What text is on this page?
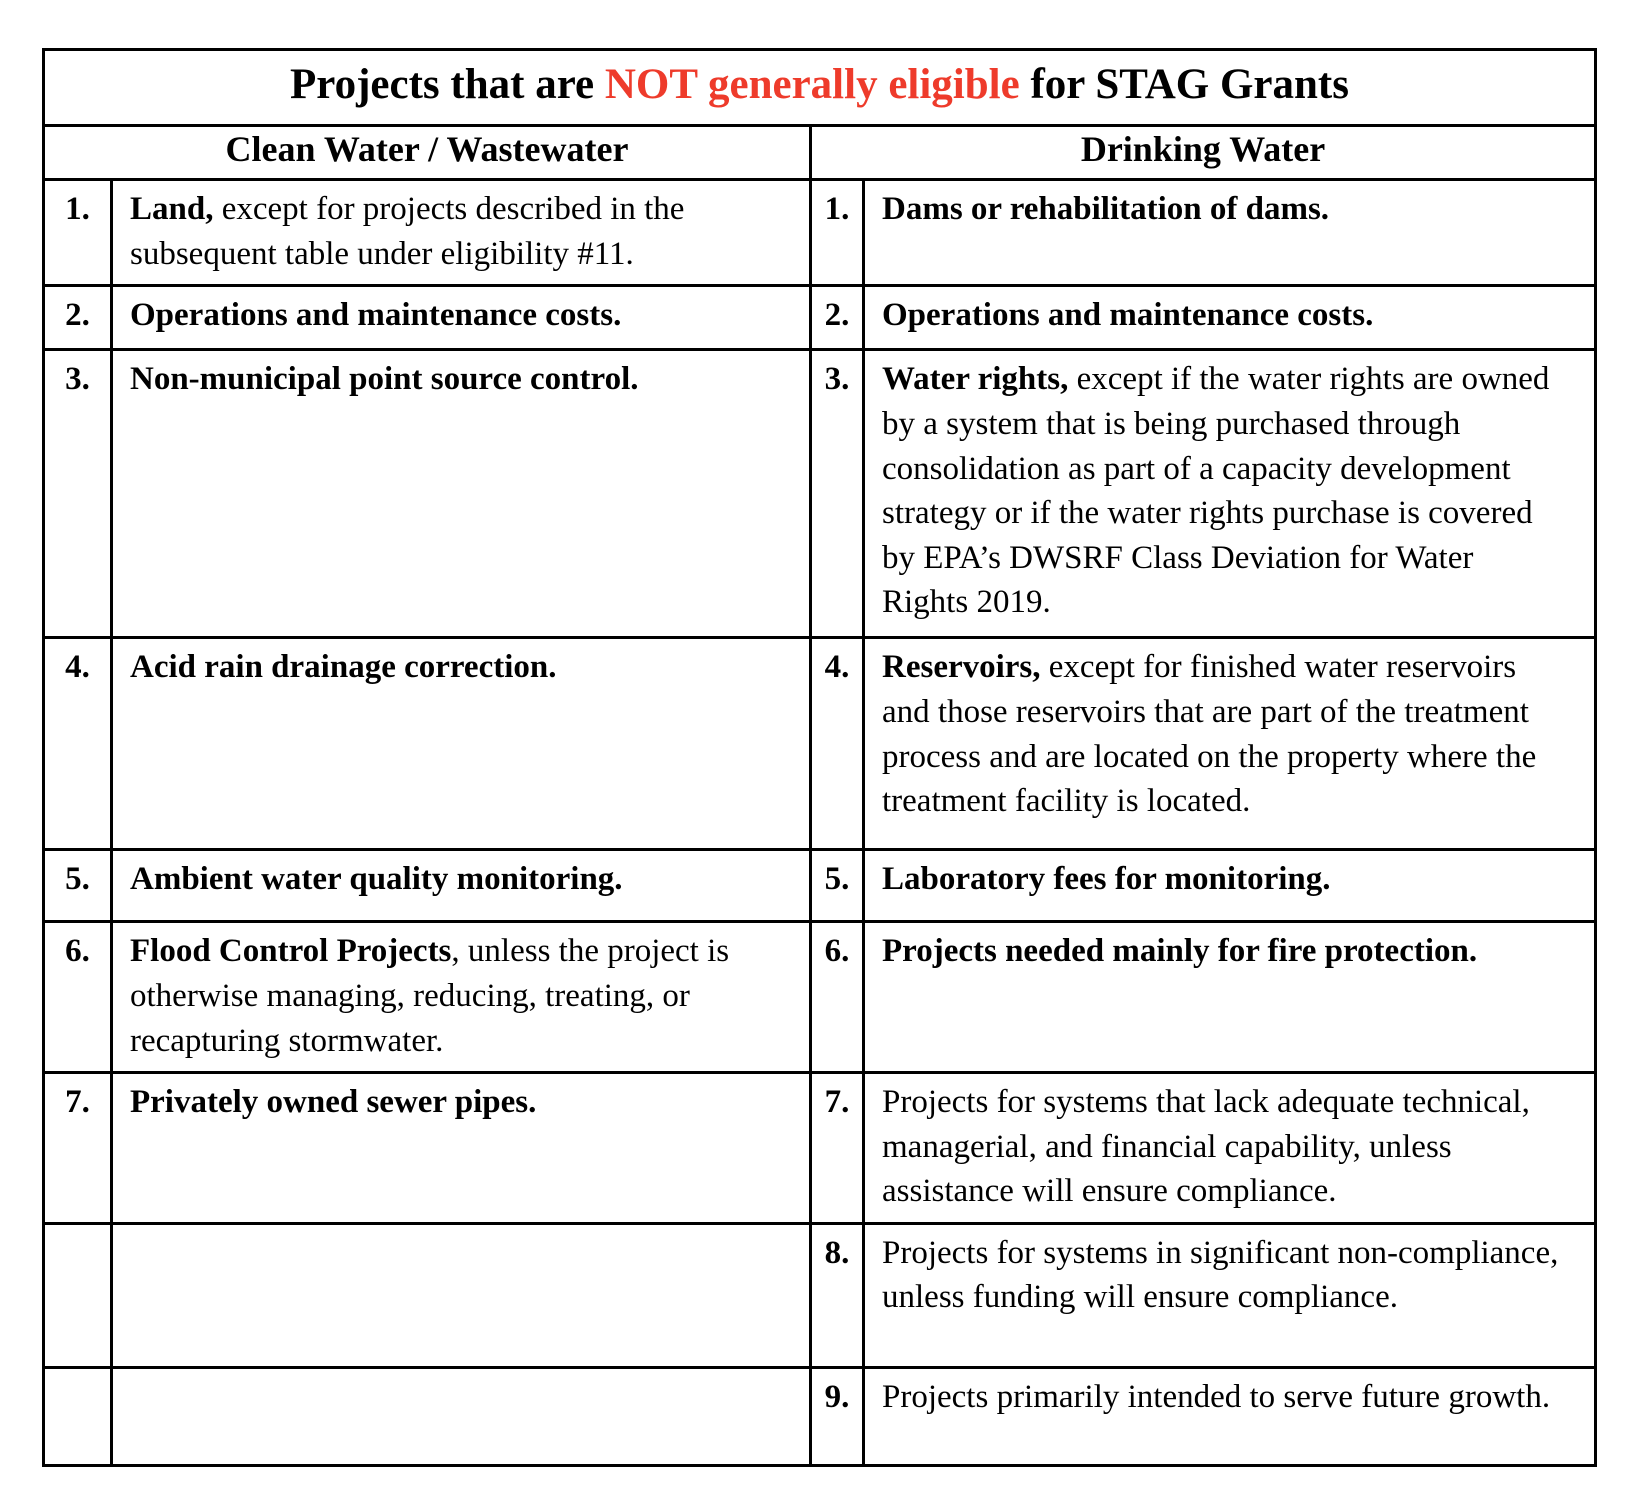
Projects that are NOT generally eligible for STAG Grants			
Clean Water / Wastewater		Drinking Water	
1.	Land, except for projects described in the subsequent table under eligibility #11.	1.	Dams or rehabilitation of dams.
2.	Operations and maintenance costs.	2.	Operations and maintenance costs.
3.	Non-municipal point source control.	3.	Water rights, except if the water rights are owned by a system that is being purchased through consolidation as part of a capacity development strategy or if the water rights purchase is covered by EPA’s DWSRF Class Deviation for Water Rights 2019.
4.	Acid rain drainage correction.	4.	Reservoirs, except for finished water reservoirs and those reservoirs that are part of the treatment process and are located on the property where the treatment facility is located.
5.	Ambient water quality monitoring.	5.	Laboratory fees for monitoring.
6.	Flood Control Projects, unless the project is otherwise managing, reducing, treating, or recapturing stormwater.	6.	Projects needed mainly for fire protection.
7.	Privately owned sewer pipes.	7.	Projects for systems that lack adequate technical, managerial, and financial capability, unless assistance will ensure compliance.
		8.	Projects for systems in significant non-compliance, unless funding will ensure compliance.
		9.	Projects primarily intended to serve future growth.
